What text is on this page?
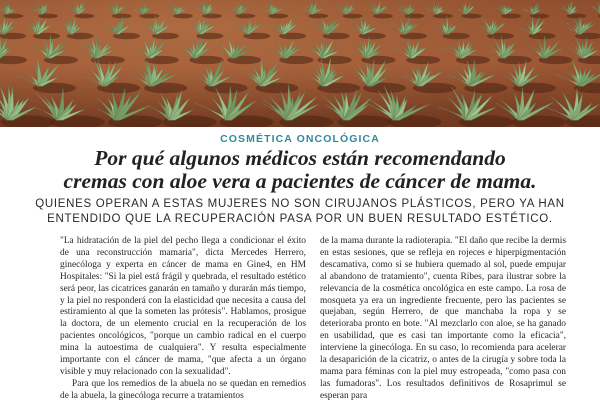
COSMÉTICA ONCOLÓGICA
Por qué algunos médicos están recomendando
cremas con aloe vera a pacientes de cáncer de mama.
QUIENES OPERAN A ESTAS MUJERES NO SON CIRUJANOS PLÁSTICOS, PERO YA HAN
ENTENDIDO QUE LA RECUPERACIÓN PASA POR UN BUEN RESULTADO ESTÉTICO.

"La hidratación de la piel del pecho llega a condicionar el éxito de una reconstrucción mamaria", dicta Mercedes Herrero, ginecóloga y experta en cáncer de mama en Gine4, en HM Hospitales: "Si la piel está frágil y quebrada, el resultado estético será peor, las cicatrices ganarán en tamaño y durarán más tiempo, y la piel no responderá con la elasticidad que necesita a causa del estiramiento al que la someten las prótesis". Hablamos, prosigue la doctora, de un elemento crucial en la recuperación de los pacientes oncológicos, "porque un cambio radical en el cuerpo mina la autoestima de cualquiera". Y resulta especialmente importante con el cáncer de mama, "que afecta a un órgano visible y muy relacionado con la sexualidad".

Para que los remedios de la abuela no se quedan en remedios de la abuela, la ginecóloga recurre a tratamientos

de la mama durante la radioterapia. "El daño que recibe la dermis en estas sesiones, que se refleja en rojeces e hiperpigmentación descamativa, como si se hubiera quemado al sol, puede empujar al abandono de tratamiento", cuenta Ribes, para ilustrar sobre la relevancia de la cosmética oncológica en este campo. La rosa de mosqueta ya era un ingrediente frecuente, pero las pacientes se quejaban, según Herrero, de que manchaba la ropa y se deterioraba pronto en bote. "Al mezclarlo con aloe, se ha ganado en usabilidad, que es casi tan importante como la eficacia", interviene la ginecóloga. En su caso, lo recomienda para acelerar la desaparición de la cicatriz, o antes de la cirugía y sobre toda la mama para féminas con la piel muy estropeada, "como pasa con las fumadoras". Los resultados definitivos de Rosaprimul se esperan para
